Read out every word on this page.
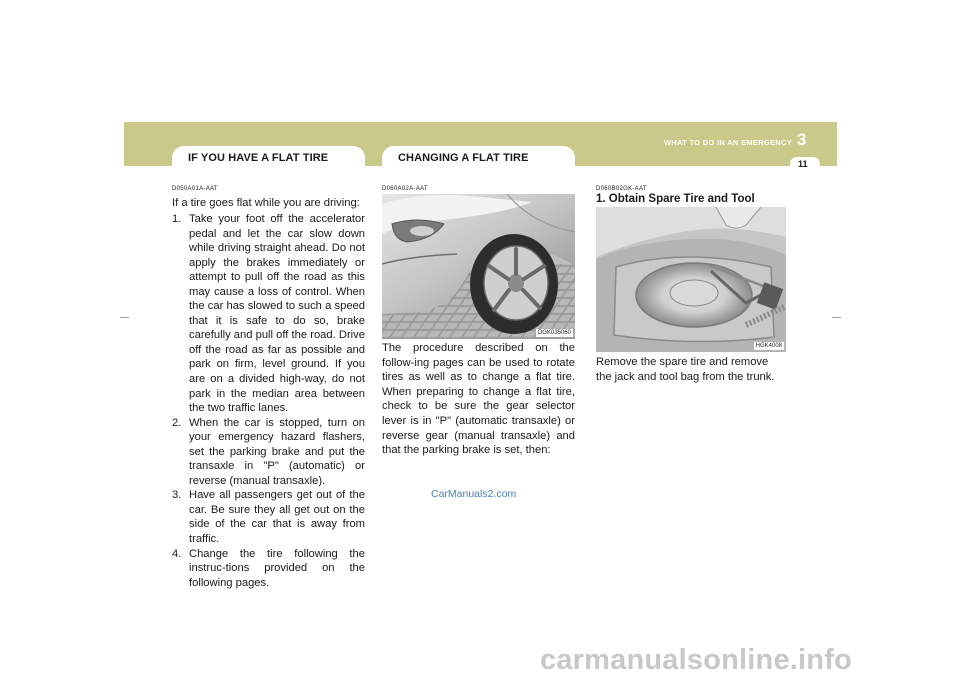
IF YOU HAVE A FLAT TIRE	CHANGING A FLAT TIRE
WHAT TO DO IN AN EMERGENCY 3
11
D050A01A-AAT
If a tire goes flat while you are driving:
1. Take your foot off the accelerator pedal and let the car slow down while driving straight ahead. Do not apply the brakes immediately or attempt to pull off the road as this may cause a loss of control. When the car has slowed to such a speed that it is safe to do so, brake carefully and pull off the road. Drive off the road as far as possible and park on firm, level ground. If you are on a divided high-way, do not park in the median area between the two traffic lanes.
2. When the car is stopped, turn on your emergency hazard flashers, set the parking brake and put the transaxle in "P" (automatic) or reverse (manual transaxle).
3. Have all passengers get out of the car. Be sure they all get out on the side of the car that is away from traffic.
4. Change the tire following the instruc-tions provided on the following pages.
D060A02A-AAT
OGK035060
The procedure described on the follow-ing pages can be used to rotate tires as well as to change a flat tire. When preparing to change a flat tire, check to be sure the gear selector lever is in "P" (automatic transaxle) or reverse gear (manual transaxle) and that the parking brake is set, then:
CarManuals2.com
D060B02GK-AAT
1. Obtain Spare Tire and Tool
HGK4008
Remove the spare tire and remove the jack and tool bag from the trunk.
carmanualsonline.info
